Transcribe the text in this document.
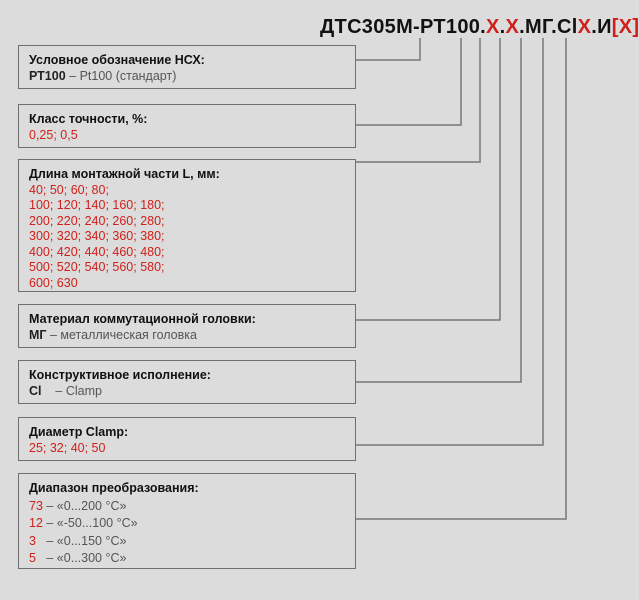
ДТС305М-РТ100.X.X.МГ.ClX.И[X]
Условное обозначение НСХ:
РТ100 – Pt100 (стандарт)
Класс точности, %:
0,25; 0,5
Длина монтажной части L, мм:
40; 50; 60; 80;
100; 120; 140; 160; 180;
200; 220; 240; 260; 280;
300; 320; 340; 360; 380;
400; 420; 440; 460; 480;
500; 520; 540; 560; 580;
600; 630
Материал коммутационной головки:
МГ – металлическая головка
Конструктивное исполнение:
Cl    – Clamp
Диаметр Clamp:
25; 32; 40; 50
Диапазон преобразования:
73 – «0...200 °С»
12 – «-50...100 °С»
3   – «0...150 °С»
5   – «0...300 °С»
